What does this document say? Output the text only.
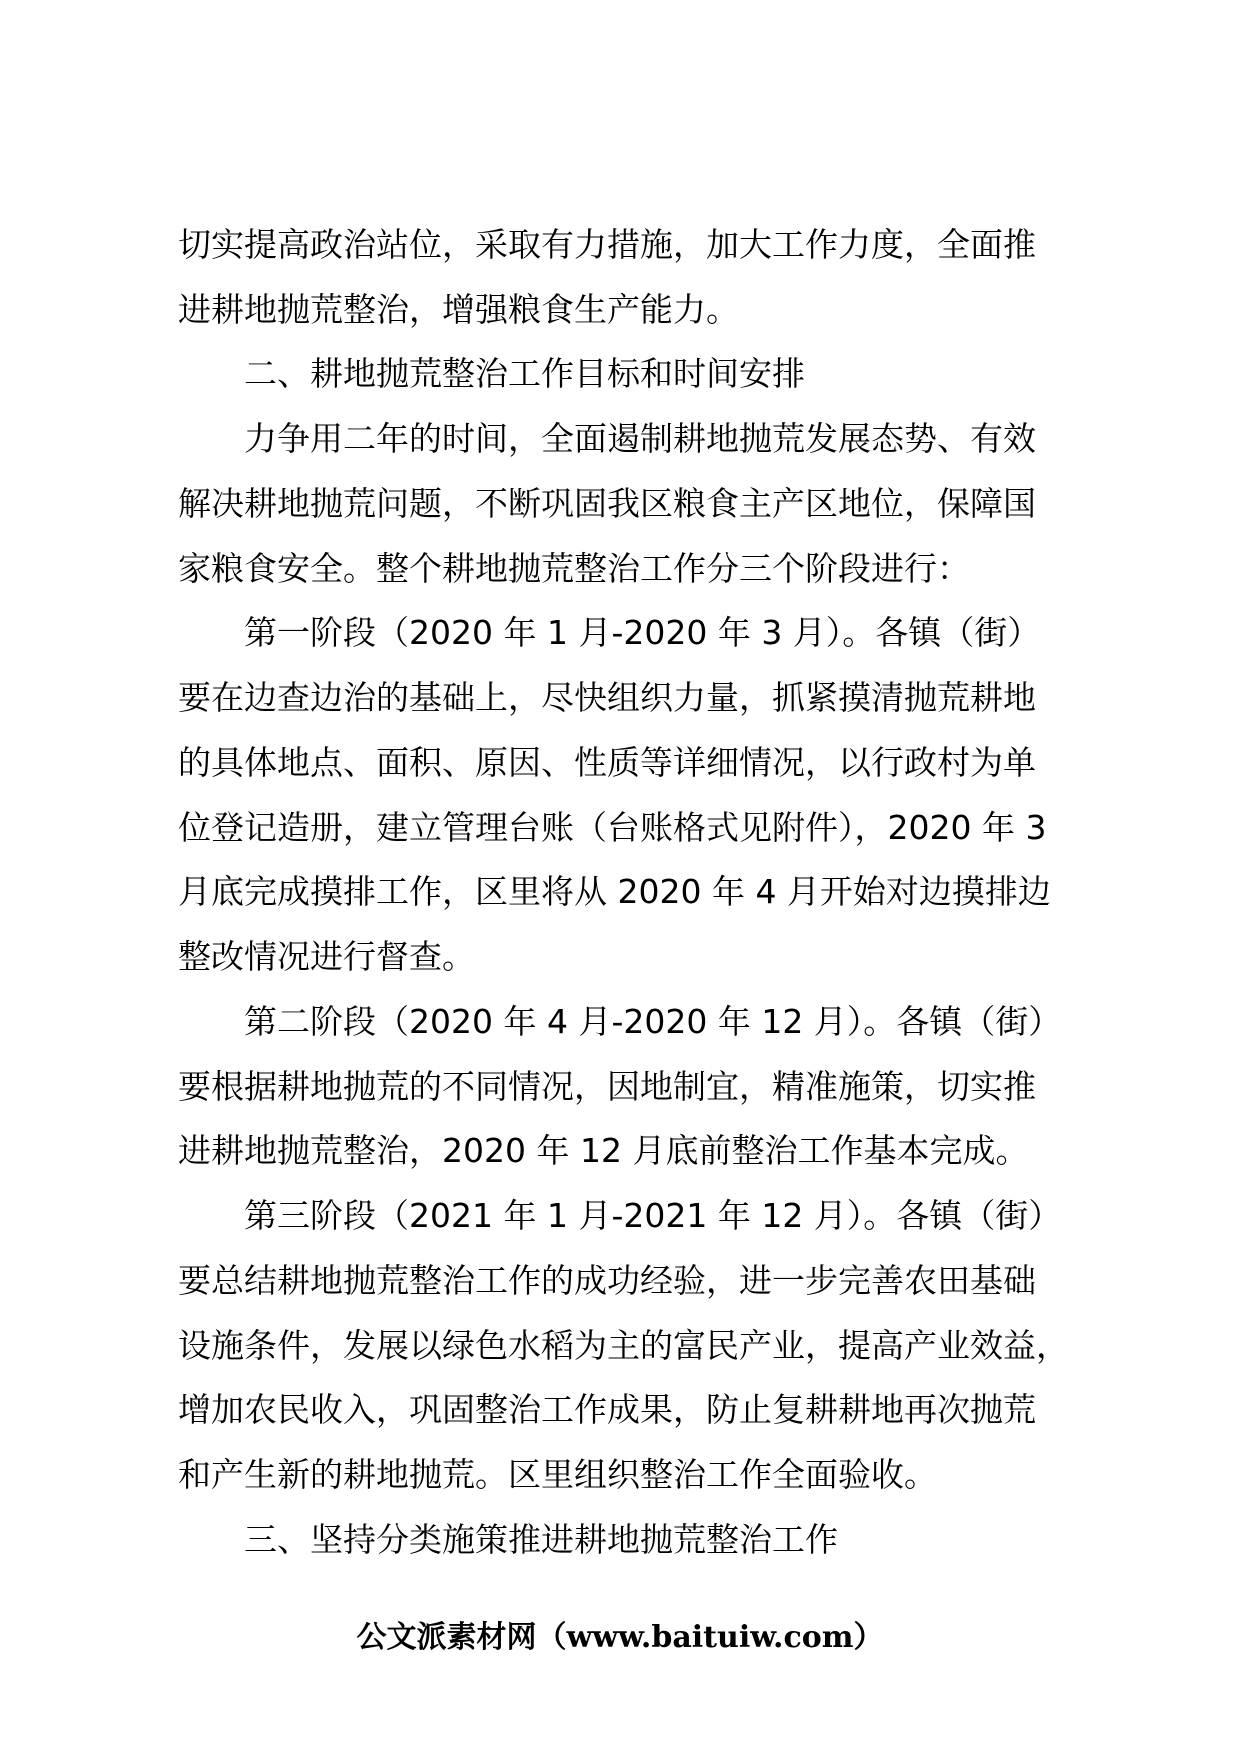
切实提高政治站位，采取有力措施，加大工作力度，全面推
进耕地抛荒整治，增强粮食生产能力。
二、耕地抛荒整治工作目标和时间安排
力争用二年的时间，全面遏制耕地抛荒发展态势、有效
解决耕地抛荒问题，不断巩固我区粮食主产区地位，保障国
家粮食安全。整个耕地抛荒整治工作分三个阶段进行：
第一阶段（2020 年 1 月-2020 年 3 月）。各镇（街）
要在边查边治的基础上，尽快组织力量，抓紧摸清抛荒耕地
的具体地点、面积、原因、性质等详细情况，以行政村为单
位登记造册，建立管理台账（台账格式见附件），2020 年 3
月底完成摸排工作，区里将从 2020 年 4 月开始对边摸排边
整改情况进行督查。
第二阶段（2020 年 4 月-2020 年 12 月）。各镇（街）
要根据耕地抛荒的不同情况，因地制宜，精准施策，切实推
进耕地抛荒整治，2020 年 12 月底前整治工作基本完成。
第三阶段（2021 年 1 月-2021 年 12 月）。各镇（街）
要总结耕地抛荒整治工作的成功经验，进一步完善农田基础
设施条件，发展以绿色水稻为主的富民产业，提高产业效益，
增加农民收入，巩固整治工作成果，防止复耕耕地再次抛荒
和产生新的耕地抛荒。区里组织整治工作全面验收。
三、坚持分类施策推进耕地抛荒整治工作
公文派素材网（www.baituiw.com）
